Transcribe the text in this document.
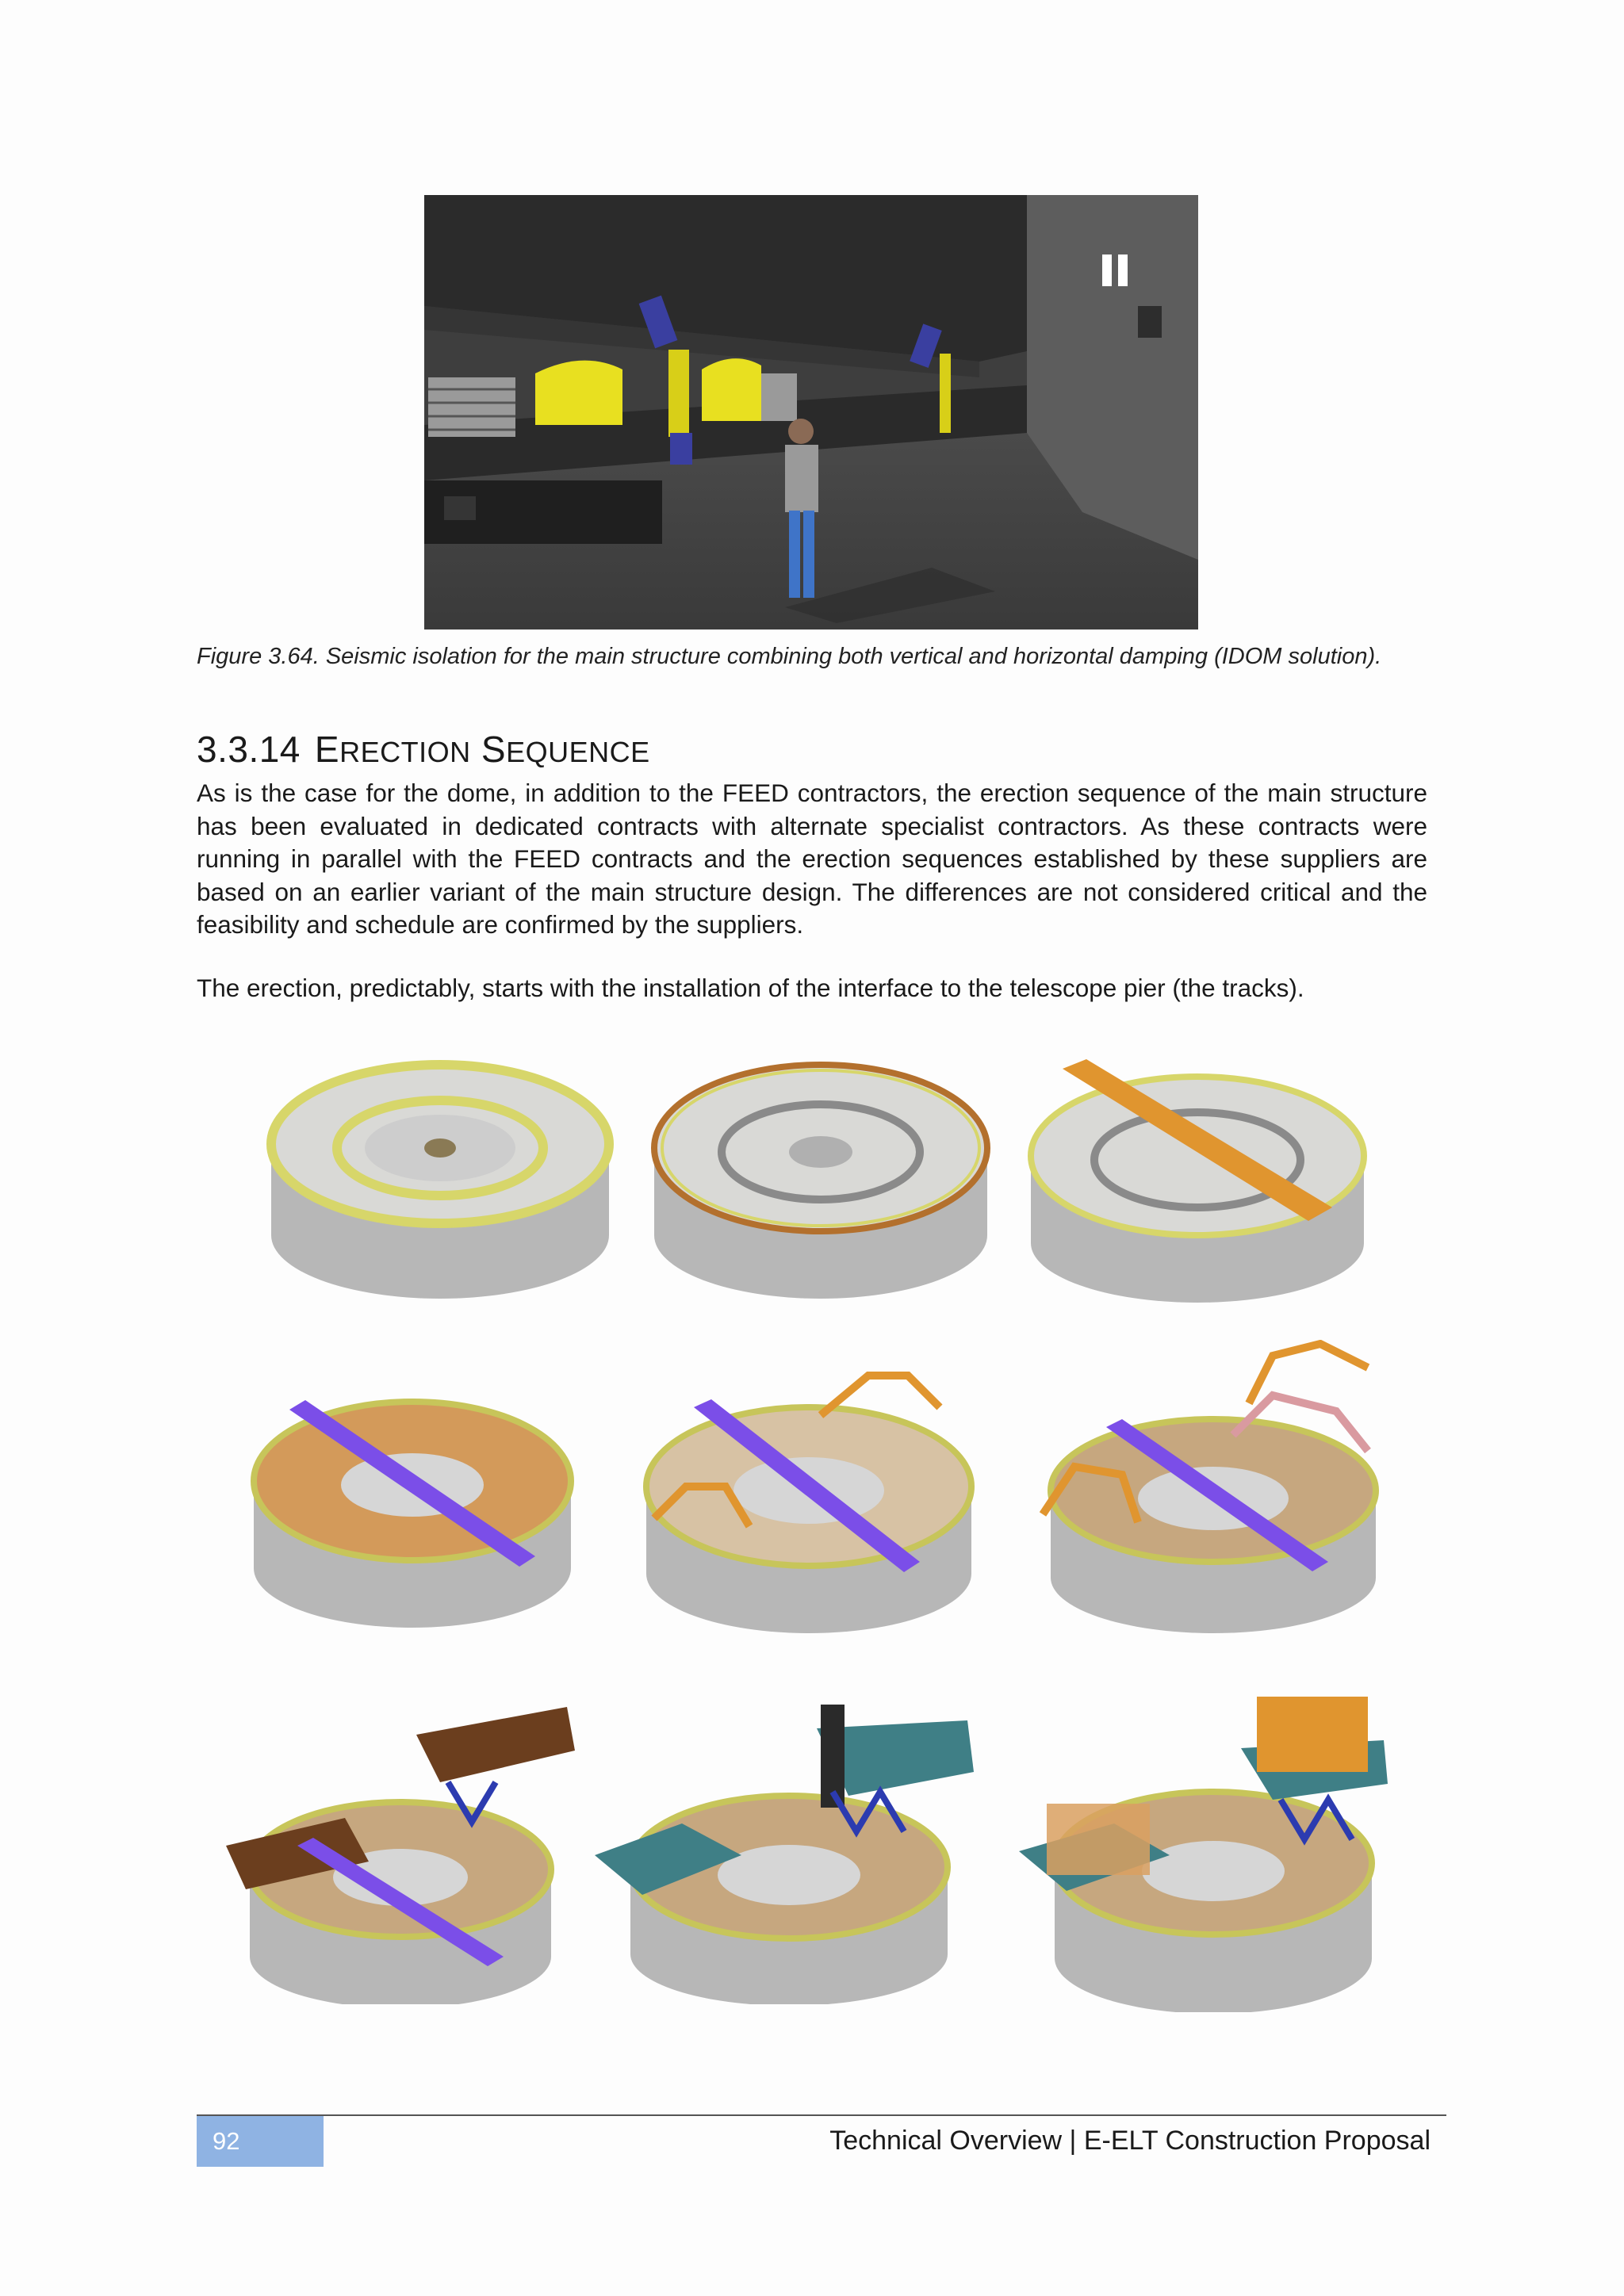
Figure 3.64. Seismic isolation for the main structure combining both vertical and horizontal damping (IDOM solution).
3.3.14 ERECTION SEQUENCE

As is the case for the dome, in addition to the FEED contractors, the erection sequence of the main structure has been evaluated in dedicated contracts with alternate specialist contractors. As these contracts were running in parallel with the FEED contracts and the erection sequences established by these suppliers are based on an earlier variant of the main structure design. The differences are not considered critical and the feasibility and schedule are confirmed by the suppliers.

The erection, predictably, starts with the installation of the interface to the telescope pier (the tracks).

92	Technical Overview | E-ELT Construction Proposal
